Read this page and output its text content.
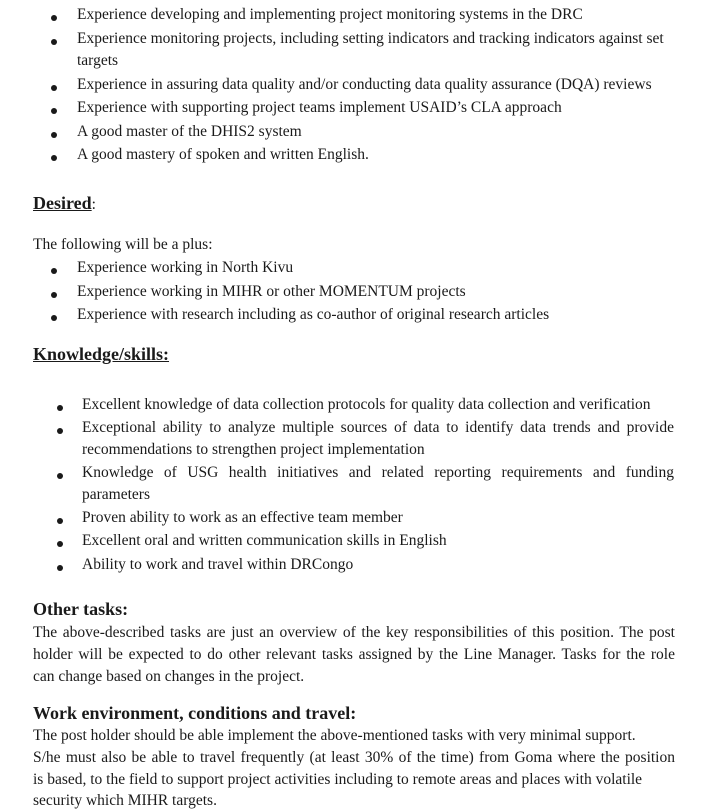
Experience developing and implementing project monitoring systems in the DRC
Experience monitoring projects, including setting indicators and tracking indicators against set
targets
Experience in assuring data quality and/or conducting data quality assurance (DQA) reviews
Experience with supporting project teams implement USAID’s CLA approach
A good master of the DHIS2 system
A good mastery of spoken and written English.
Desired:
The following will be a plus:
Experience working in North Kivu
Experience working in MIHR or other MOMENTUM projects
Experience with research including as co-author of original research articles
Knowledge/skills:
Excellent knowledge of data collection protocols for quality data collection and verification
Exceptional ability to analyze multiple sources of data to identify data trends and provide
recommendations to strengthen project implementation
Knowledge of USG health initiatives and related reporting requirements and funding
parameters
Proven ability to work as an effective team member
Excellent oral and written communication skills in English
Ability to work and travel within DRCongo
Other tasks:
The above-described tasks are just an overview of the key responsibilities of this position. The post
holder will be expected to do other relevant tasks assigned by the Line Manager. Tasks for the role
can change based on changes in the project.
Work environment, conditions and travel:
The post holder should be able implement the above-mentioned tasks with very minimal support.
S/he must also be able to travel frequently (at least 30% of the time) from Goma where the position
is based, to the field to support project activities including to remote areas and places with volatile
security which MIHR targets.
